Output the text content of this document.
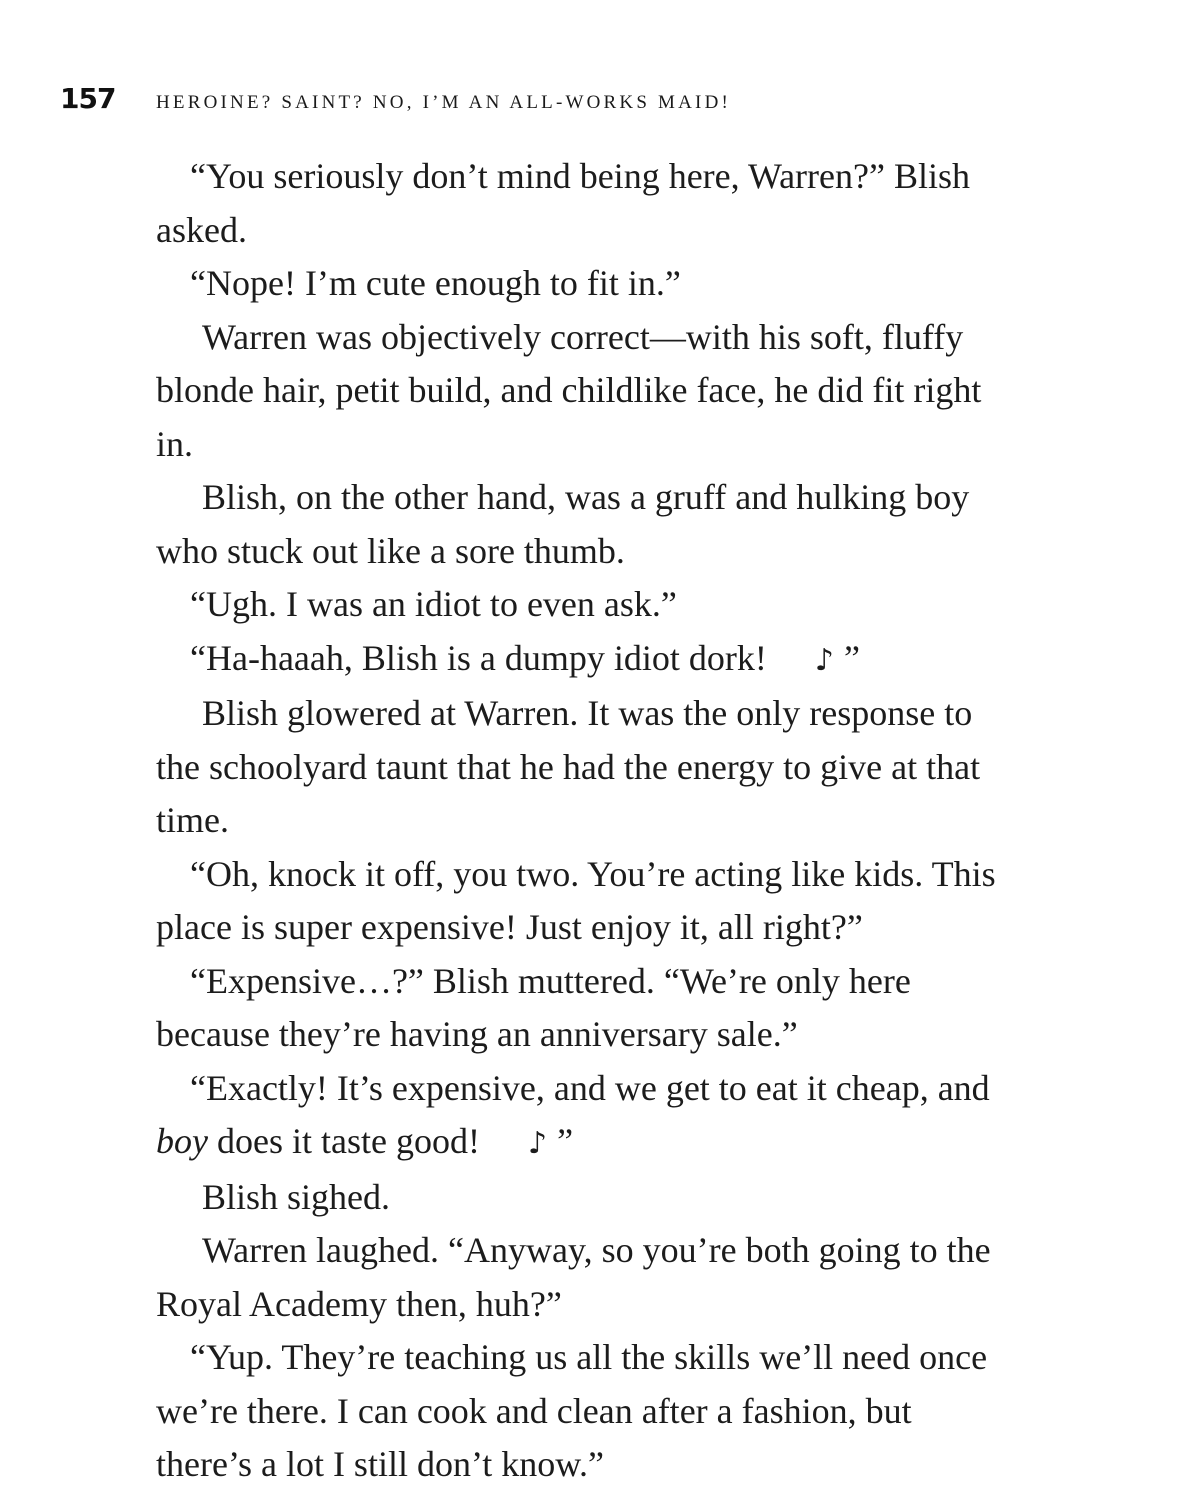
157	HEROINE? SAINT? NO, I’M AN ALL-WORKS MAID!

“You seriously don’t mind being here, Warren?” Blish asked.

“Nope! I’m cute enough to fit in.”

Warren was objectively correct—with his soft, fluffy blonde hair, petit build, and childlike face, he did fit right in.

Blish, on the other hand, was a gruff and hulking boy who stuck out like a sore thumb.

“Ugh. I was an idiot to even ask.”

“Ha-haaah, Blish is a dumpy idiot dork! ♪ ”

Blish glowered at Warren. It was the only response to the schoolyard taunt that he had the energy to give at that time.

“Oh, knock it off, you two. You’re acting like kids. This place is super expensive! Just enjoy it, all right?”

“Expensive…?” Blish muttered. “We’re only here because they’re having an anniversary sale.”

“Exactly! It’s expensive, and we get to eat it cheap, and
boy does it taste good! ♪ ”

Blish sighed.

Warren laughed. “Anyway, so you’re both going to the Royal Academy then, huh?”

“Yup. They’re teaching us all the skills we’ll need once we’re there. I can cook and clean after a fashion, but there’s a lot I still don’t know.”
